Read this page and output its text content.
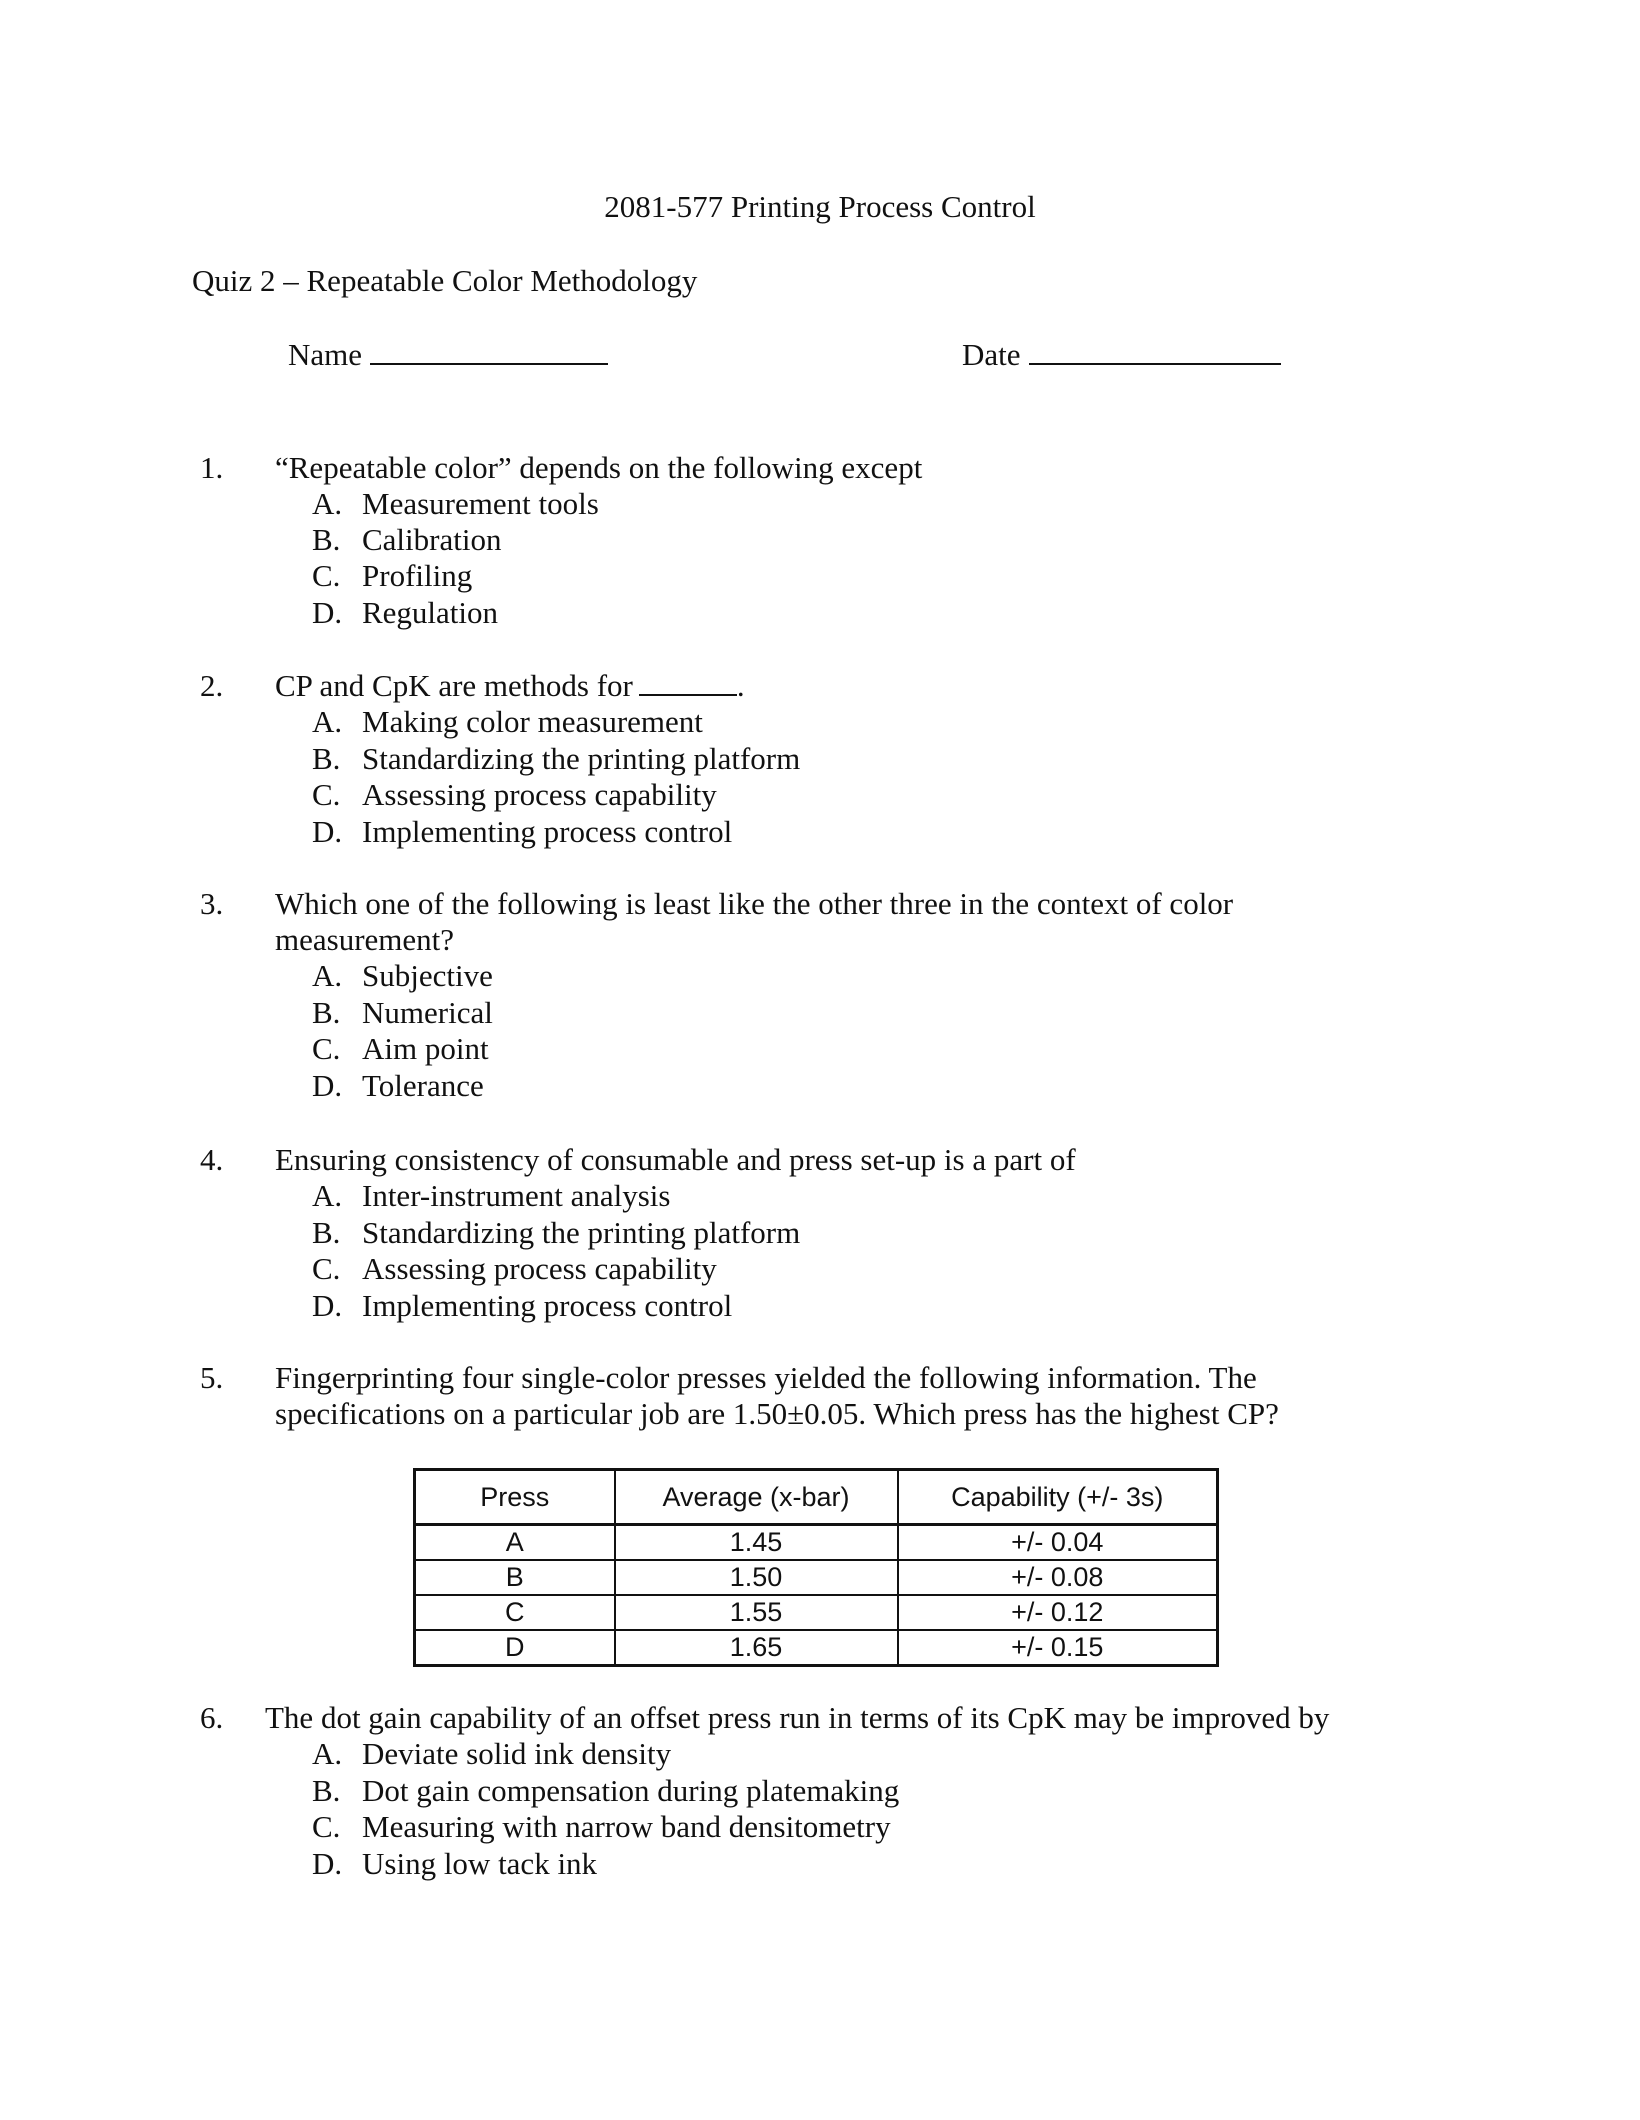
2081-577 Printing Process Control
Quiz 2 – Repeatable Color Methodology
Name	Date
1.	“Repeatable color” depends on the following except
A. Measurement tools
B. Calibration
C. Profiling
D. Regulation
2.	CP and CpK are methods for	.
A. Making color measurement
B. Standardizing the printing platform
C. Assessing process capability
D. Implementing process control
3.	Which one of the following is least like the other three in the context of color
measurement?
A. Subjective
B. Numerical
C. Aim point
D. Tolerance
4.	Ensuring consistency of consumable and press set-up is a part of
A. Inter-instrument analysis
B. Standardizing the printing platform
C. Assessing process capability
D. Implementing process control
5.	Fingerprinting four single-color presses yielded the following information. The
specifications on a particular job are 1.50±0.05. Which press has the highest CP?
Press	Average (x-bar)	Capability (+/- 3s)
A	1.45	+/- 0.04
B	1.50	+/- 0.08
C	1.55	+/- 0.12
D	1.65	+/- 0.15
6.	The dot gain capability of an offset press run in terms of its CpK may be improved by
A. Deviate solid ink density
B. Dot gain compensation during platemaking
C. Measuring with narrow band densitometry
D. Using low tack ink
